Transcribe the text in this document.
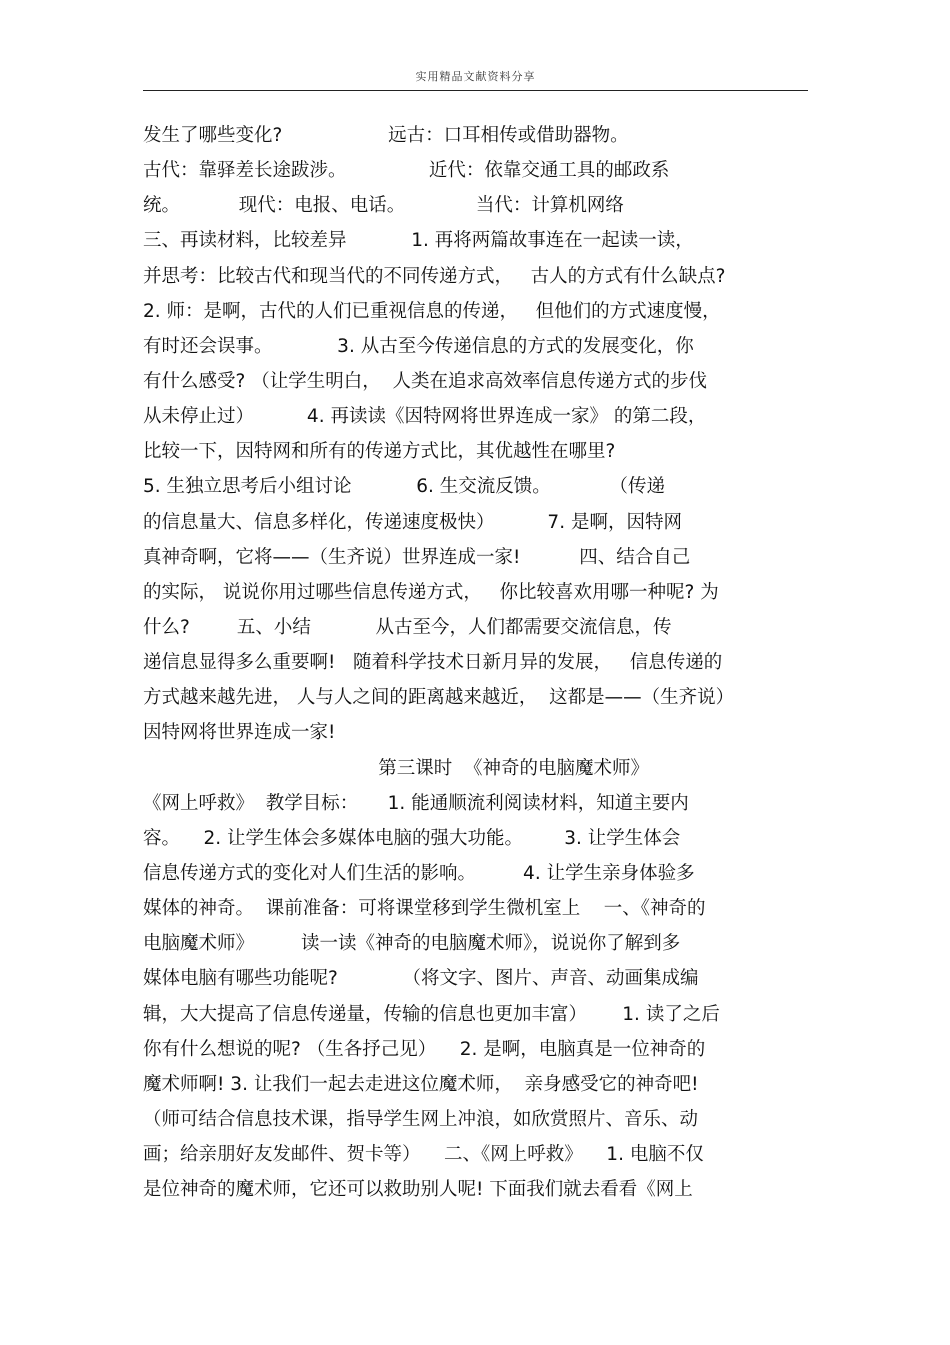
实用精品文献资料分享
发生了哪些变化?                  远古：口耳相传或借助器物。
古代：靠驿差长途跋涉。              近代：依靠交通工具的邮政系
统。          现代：电报、电话。            当代：计算机网络
三、再读材料，比较差异           1. 再将两篇故事连在一起读一读，
并思考：比较古代和现当代的不同传递方式，   古人的方式有什么缺点?
2. 师：是啊，古代的人们已重视信息的传递，   但他们的方式速度慢，
有时还会误事。           3. 从古至今传递信息的方式的发展变化，你
有什么感受? （让学生明白，  人类在追求高效率信息传递方式的步伐
从未停止过）         4. 再读读《因特网将世界连成一家》 的第二段，
比较一下，因特网和所有的传递方式比，其优越性在哪里?
5. 生独立思考后小组讨论           6. 生交流反馈。          （传递
的信息量大、信息多样化，传递速度极快）         7. 是啊，因特网
真神奇啊，它将——（生齐说）世界连成一家!          四、结合自己
的实际， 说说你用过哪些信息传递方式，   你比较喜欢用哪一种呢? 为
什么?        五、小结           从古至今，人们都需要交流信息，传
递信息显得多么重要啊!   随着科学技术日新月异的发展，   信息传递的
方式越来越先进， 人与人之间的距离越来越近，  这都是——（生齐说）
因特网将世界连成一家!
第三课时  《神奇的电脑魔术师》
《网上呼救》  教学目标：     1. 能通顺流利阅读材料，知道主要内
容。    2. 让学生体会多媒体电脑的强大功能。       3. 让学生体会
信息传递方式的变化对人们生活的影响。        4. 让学生亲身体验多
媒体的神奇。  课前准备：可将课堂移到学生微机室上    一、《神奇的
电脑魔术师》        读一读《神奇的电脑魔术师》，说说你了解到多
媒体电脑有哪些功能呢?           （将文字、图片、声音、动画集成编
辑，大大提高了信息传递量，传输的信息也更加丰富）      1. 读了之后
你有什么想说的呢? （生各抒己见）    2. 是啊，电脑真是一位神奇的
魔术师啊! 3. 让我们一起去走进这位魔术师，  亲身感受它的神奇吧!
（师可结合信息技术课，指导学生网上冲浪，如欣赏照片、音乐、动
画；给亲朋好友发邮件、贺卡等）    二、《网上呼救》    1. 电脑不仅
是位神奇的魔术师，它还可以救助别人呢! 下面我们就去看看《网上
